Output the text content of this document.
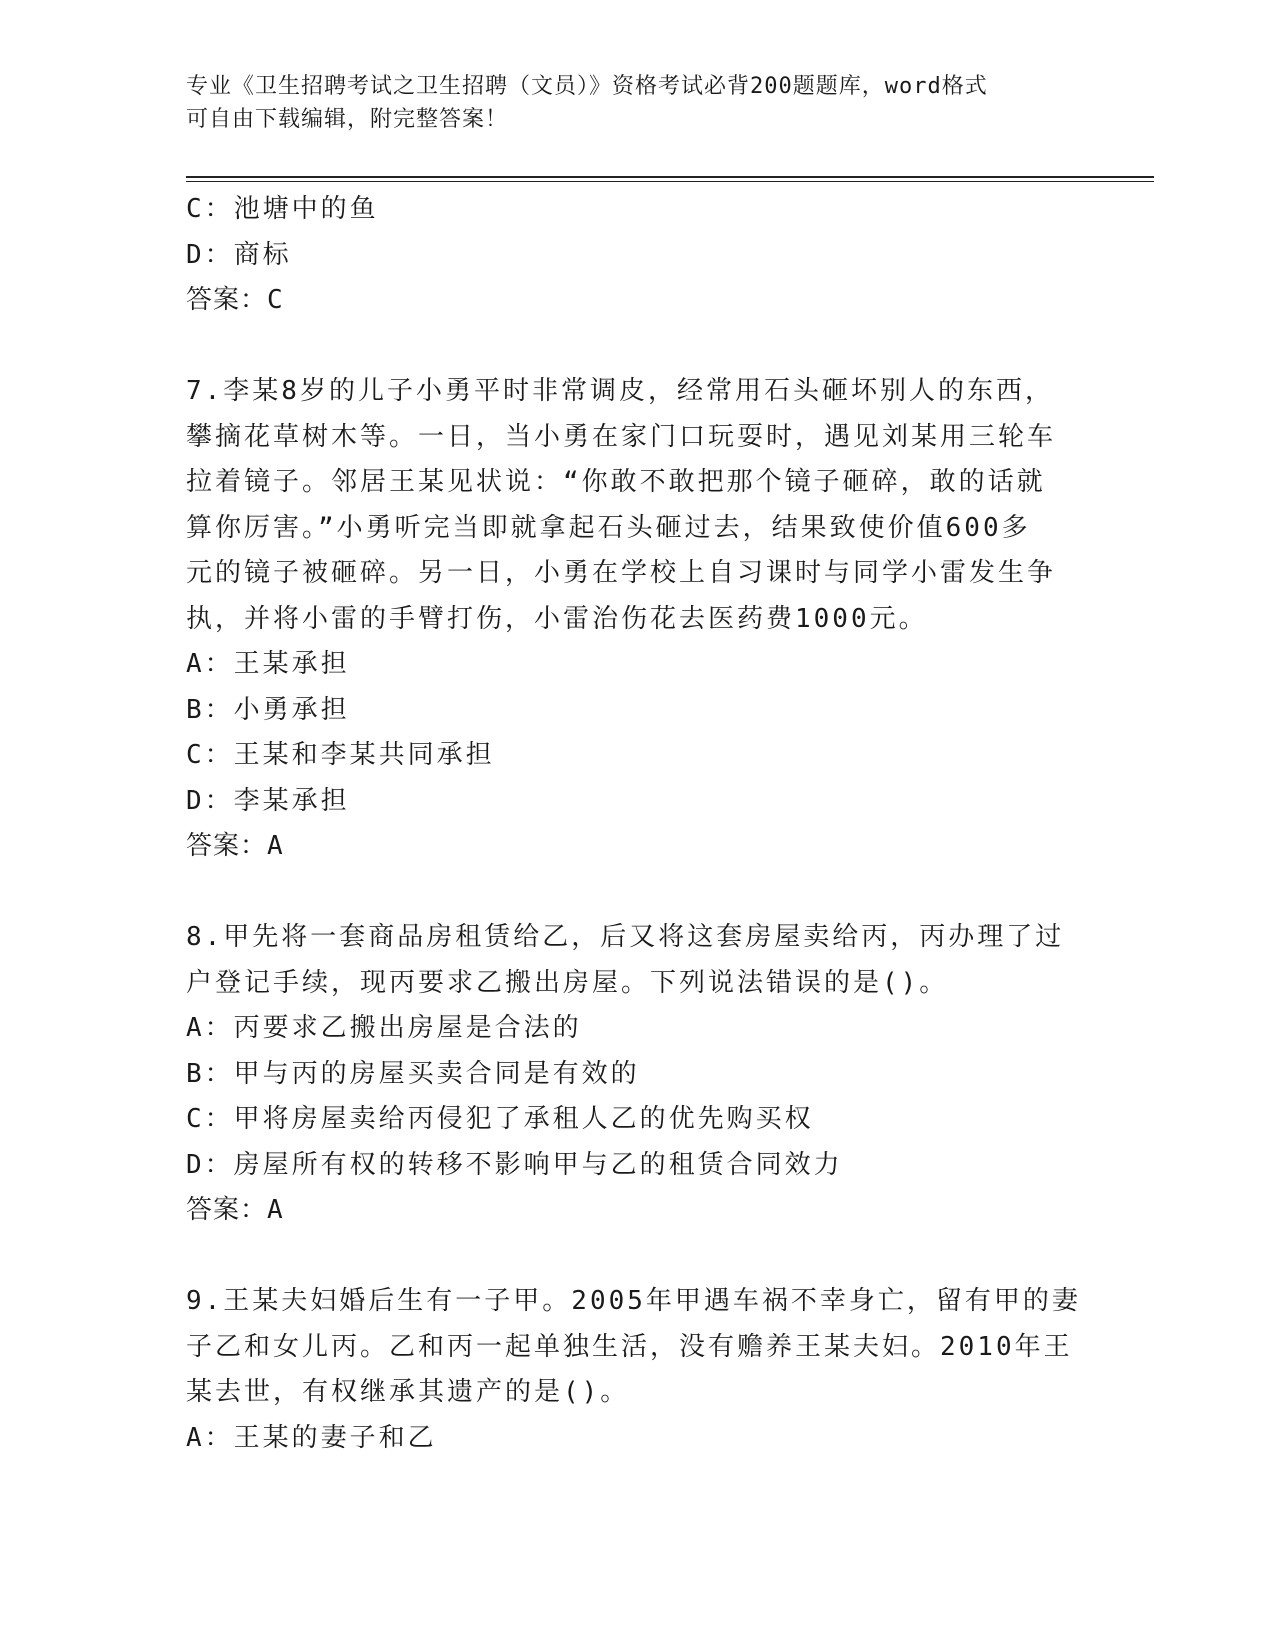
专业《卫生招聘考试之卫生招聘（文员）》资格考试必背200题题库，word格式
可自由下载编辑，附完整答案！

C：池塘中的鱼

D：商标

答案：C

7.李某8岁的儿子小勇平时非常调皮，经常用石头砸坏别人的东西，

攀摘花草树木等。一日，当小勇在家门口玩耍时，遇见刘某用三轮车

拉着镜子。邻居王某见状说：“你敢不敢把那个镜子砸碎，敢的话就

算你厉害。”小勇听完当即就拿起石头砸过去，结果致使价值600多

元的镜子被砸碎。另一日，小勇在学校上自习课时与同学小雷发生争

执，并将小雷的手臂打伤，小雷治伤花去医药费1000元。

A：王某承担

B：小勇承担

C：王某和李某共同承担

D：李某承担

答案：A

8.甲先将一套商品房租赁给乙，后又将这套房屋卖给丙，丙办理了过

户登记手续，现丙要求乙搬出房屋。下列说法错误的是()。

A：丙要求乙搬出房屋是合法的

B：甲与丙的房屋买卖合同是有效的

C：甲将房屋卖给丙侵犯了承租人乙的优先购买权

D：房屋所有权的转移不影响甲与乙的租赁合同效力

答案：A

9.王某夫妇婚后生有一子甲。2005年甲遇车祸不幸身亡，留有甲的妻

子乙和女儿丙。乙和丙一起单独生活，没有赡养王某夫妇。2010年王

某去世，有权继承其遗产的是()。

A：王某的妻子和乙
